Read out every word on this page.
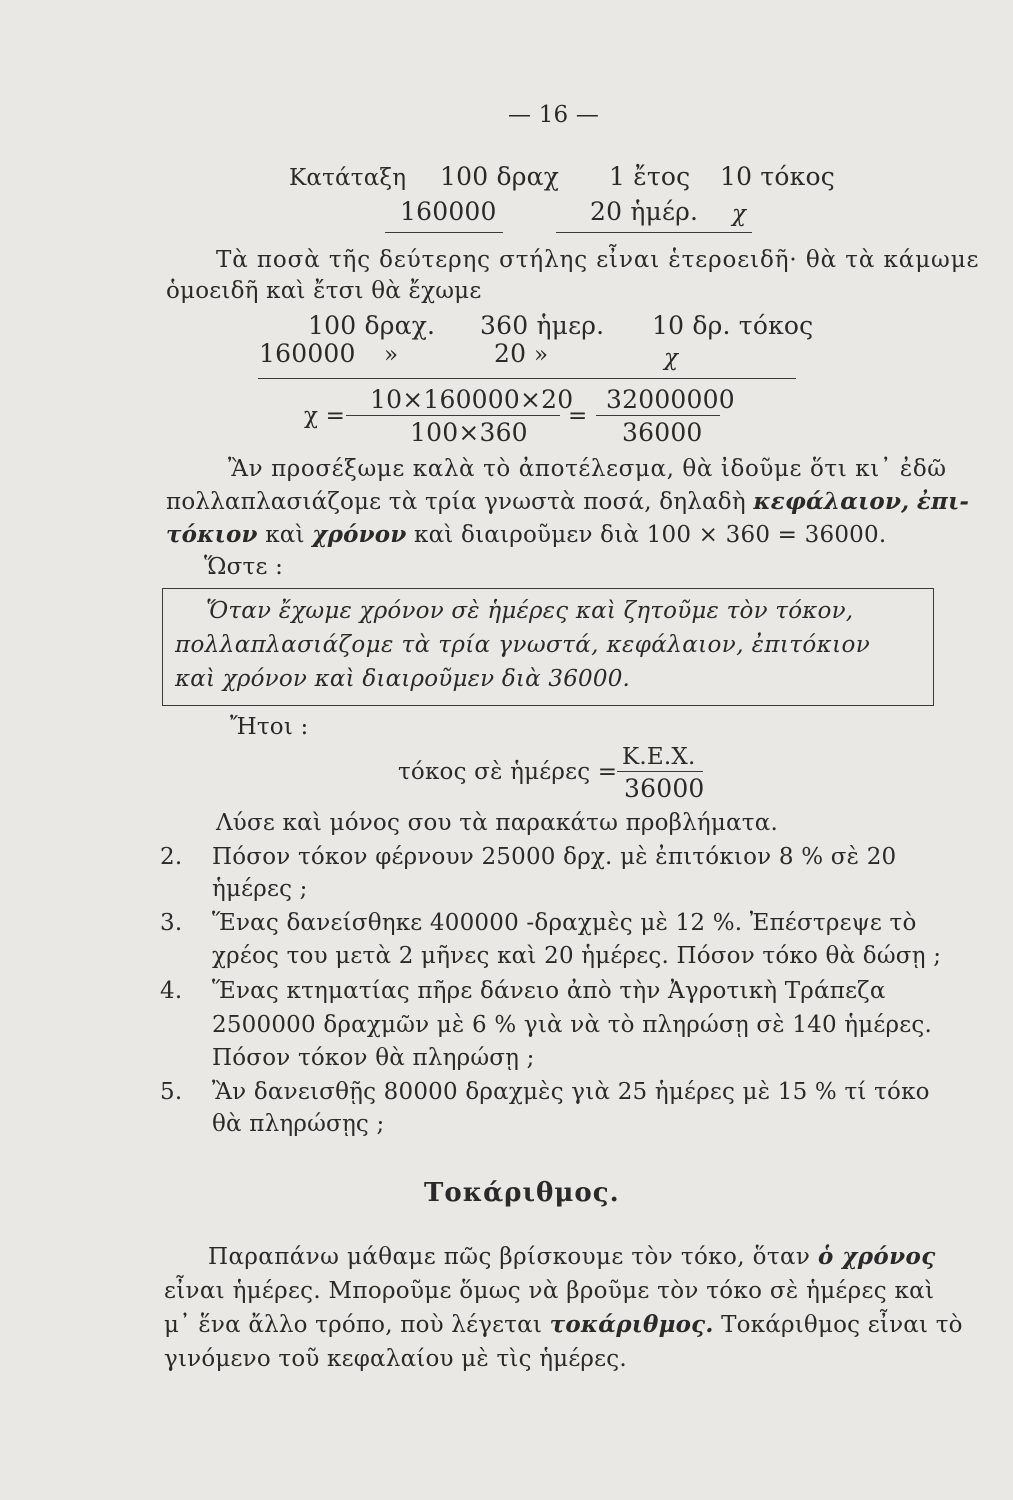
— 16 —
Κατάταξη 100 δραχ 1 ἔτος 10 τόκος
160000	20 ἡμέρ. χ
Τὰ ποσὰ τῆς δεύτερης στήλης εἶναι ἑτεροειδῆ· θὰ τὰ κάμωμε
ὁμοειδῆ καὶ ἔτσι θὰ ἔχωμε
100 δραχ. 360 ἡμερ. 10 δρ. τόκος
160000 »	20 »	χ
10×160000×20 32000000
χ =	=
100×360	36000
Ἂν προσέξωμε καλὰ τὸ ἀποτέλεσμα, θὰ ἰδοῦμε ὅτι κι᾽ ἐδῶ
πολλαπλασιάζομε τὰ τρία γνωστὰ ποσά, δηλαδὴ κεφάλαιον, ἐπι-
τόκιον καὶ χρόνον καὶ διαιροῦμεν διὰ 100 × 360 = 36000.
Ὥστε :
Ὅταν ἔχωμε χρόνον σὲ ἡμέρες καὶ ζητοῦμε τὸν τόκον,
πολλαπλασιάζομε τὰ τρία γνωστά, κεφάλαιον, ἐπιτόκιον
καὶ χρόνον καὶ διαιροῦμεν διὰ 36000.
Ἤτοι :
Κ.Ε.Χ.
τόκος σὲ ἡμέρες =
36000
Λύσε καὶ μόνος σου τὰ παρακάτω προβλήματα.
2. Πόσον τόκον φέρνουν 25000 δρχ. μὲ ἐπιτόκιον 8 % σὲ 20
ἡμέρες ;
3. Ἕνας δανείσθηκε 400000 -δραχμὲς μὲ 12 %. Ἐπέστρεψε τὸ
χρέος του μετὰ 2 μῆνες καὶ 20 ἡμέρες. Πόσον τόκο θὰ δώσῃ ;
4. Ἕνας κτηματίας πῆρε δάνειο ἀπὸ τὴν Ἀγροτικὴ Τράπεζα
2500000 δραχμῶν μὲ 6 % γιὰ νὰ τὸ πληρώσῃ σὲ 140 ἡμέρες.
Πόσον τόκον θὰ πληρώσῃ ;
5. Ἂν δανεισθῇς 80000 δραχμὲς γιὰ 25 ἡμέρες μὲ 15 % τί τόκο
θὰ πληρώσῃς ;
Τοκάριθμος.
Παραπάνω μάθαμε πῶς βρίσκουμε τὸν τόκο, ὅταν ὁ χρόνος
εἶναι ἡμέρες. Μποροῦμε ὅμως νὰ βροῦμε τὸν τόκο σὲ ἡμέρες καὶ
μ᾽ ἕνα ἄλλο τρόπο, ποὺ λέγεται τοκάριθμος. Τοκάριθμος εἶναι τὸ
γινόμενο τοῦ κεφαλαίου μὲ τὶς ἡμέρες.
